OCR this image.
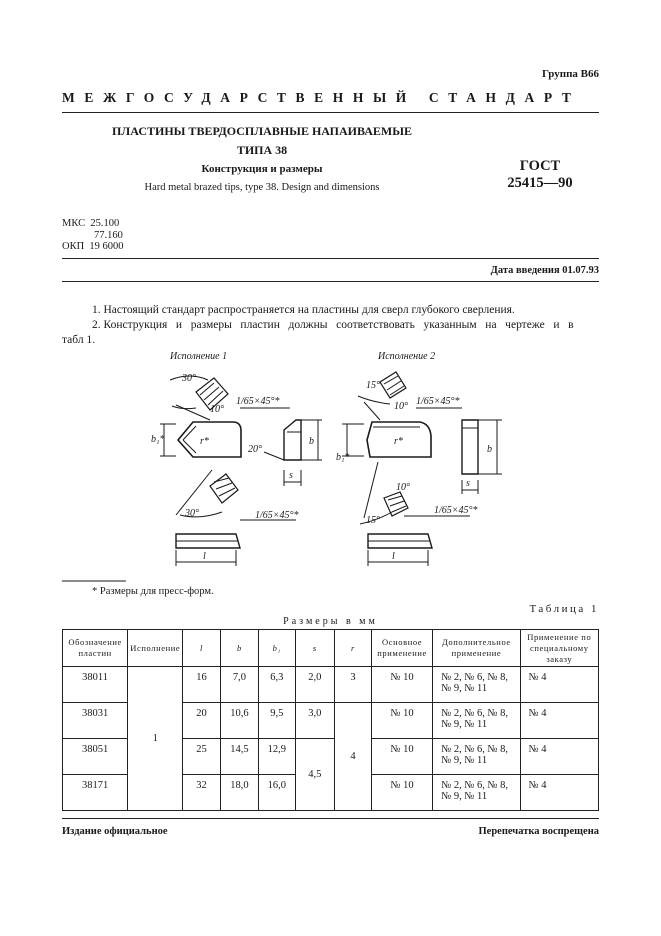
Группа В66
МЕЖГОСУДАРСТВЕННЫЙ СТАНДАРТ
ПЛАСТИНЫ ТВЕРДОСПЛАВНЫЕ НАПАИВАЕМЫЕ
ТИПА 38
Конструкция и размеры
Hard metal brazed tips, type 38. Design and dimensions
ГОСТ
25415—90
МКС 25.100
77.160
ОКП 19 6000
Дата введения 01.07.93
1. Настоящий стандарт распространяется на пластины для сверл глубокого сверления.
2. Конструкция   и   размеры   пластин   должны   соответствовать   указанным   на   чертеже   и   в
табл 1.
Исполнение 1	Исполнение 2
30°
10°
1/65×45°*
r*
b₁*	b
20°
s
30°	1/65×45°*
l
15°
10° 1/65×45°*
r*
b₁*
b
s
10°
1/65×45°*
15°
l
* Размеры для пресс-форм.
Таблица 1
Размеры в мм
Обозначение пластин	Исполнение	l	b	b₁	s	r	Основное применение	Дополнительное применение	Применение по специальному заказу
38011	1	16	7,0	6,3	2,0	3	№ 10	№ 2, № 6, № 8,
№ 9, № 11	№ 4
38031		20	10,6	9,5	3,0	4	№ 10	№ 2, № 6, № 8,
№ 9, № 11	№ 4
38051		25	14,5	12,9	4,5		№ 10	№ 2, № 6, № 8,
№ 9, № 11	№ 4
38171		32	18,0	16,0			№ 10	№ 2, № 6, № 8,
№ 9, № 11	№ 4
Издание официальное	Перепечатка воспрещена
